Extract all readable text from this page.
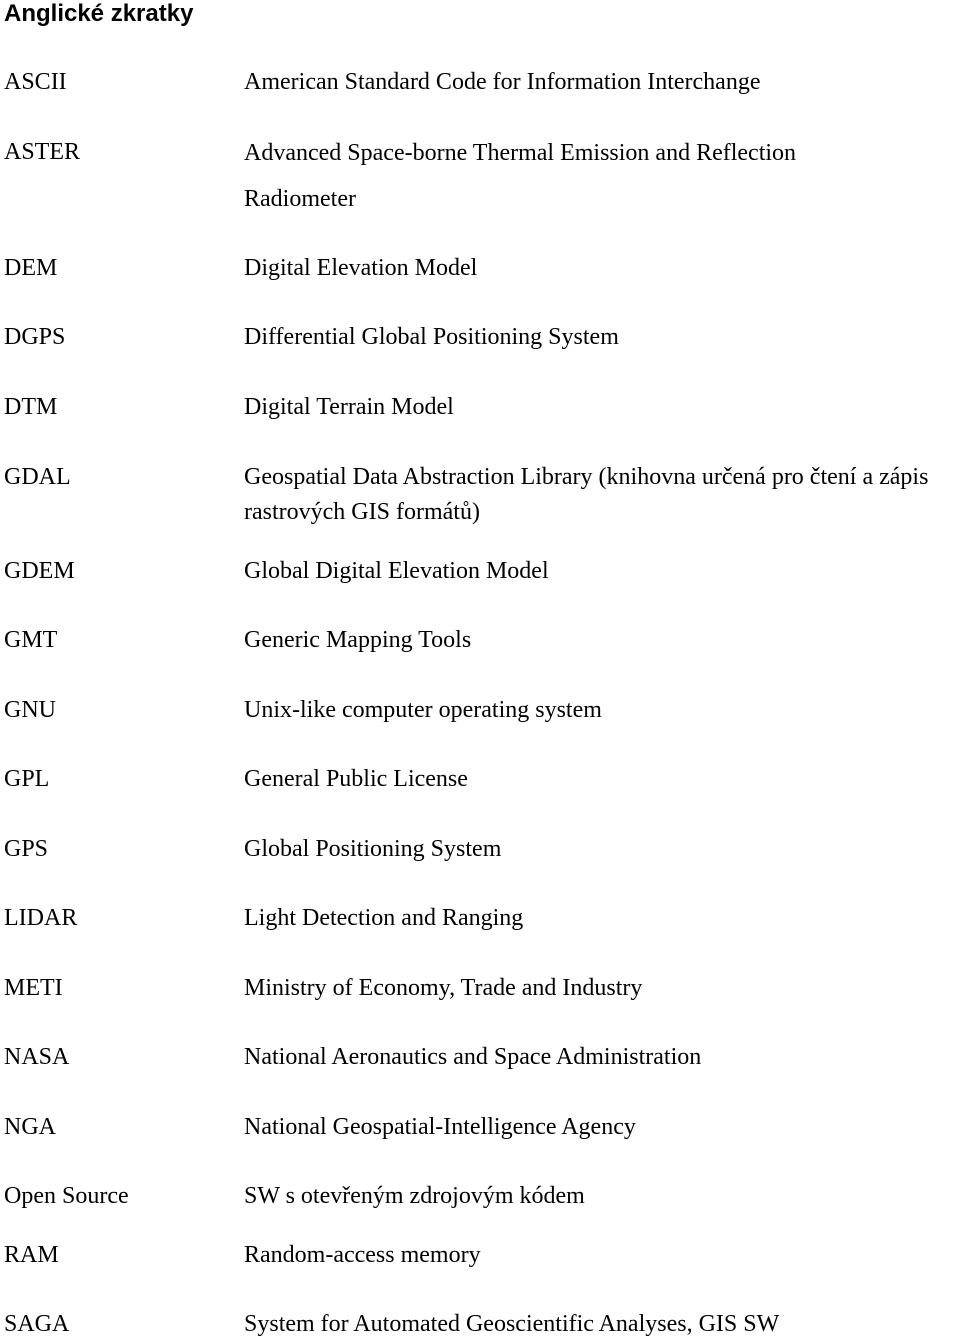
Anglické zkratky
ASCII	American Standard Code for Information Interchange
ASTER	Advanced Space-borne Thermal Emission and Reflection Radiometer
DEM	Digital Elevation Model
DGPS	Differential Global Positioning System
DTM	Digital Terrain Model
GDAL	Geospatial Data Abstraction Library (knihovna určená pro čtení a zápis rastrových GIS formátů)
GDEM	Global Digital Elevation Model
GMT	Generic Mapping Tools
GNU	Unix-like computer operating system
GPL	General Public License
GPS	Global Positioning System
LIDAR	Light Detection and Ranging
METI	Ministry of Economy, Trade and Industry
NASA	National Aeronautics and Space Administration
NGA	National Geospatial-Intelligence Agency
Open Source	SW s otevřeným zdrojovým kódem
RAM	Random-access memory
SAGA	System for Automated Geoscientific Analyses, GIS SW
